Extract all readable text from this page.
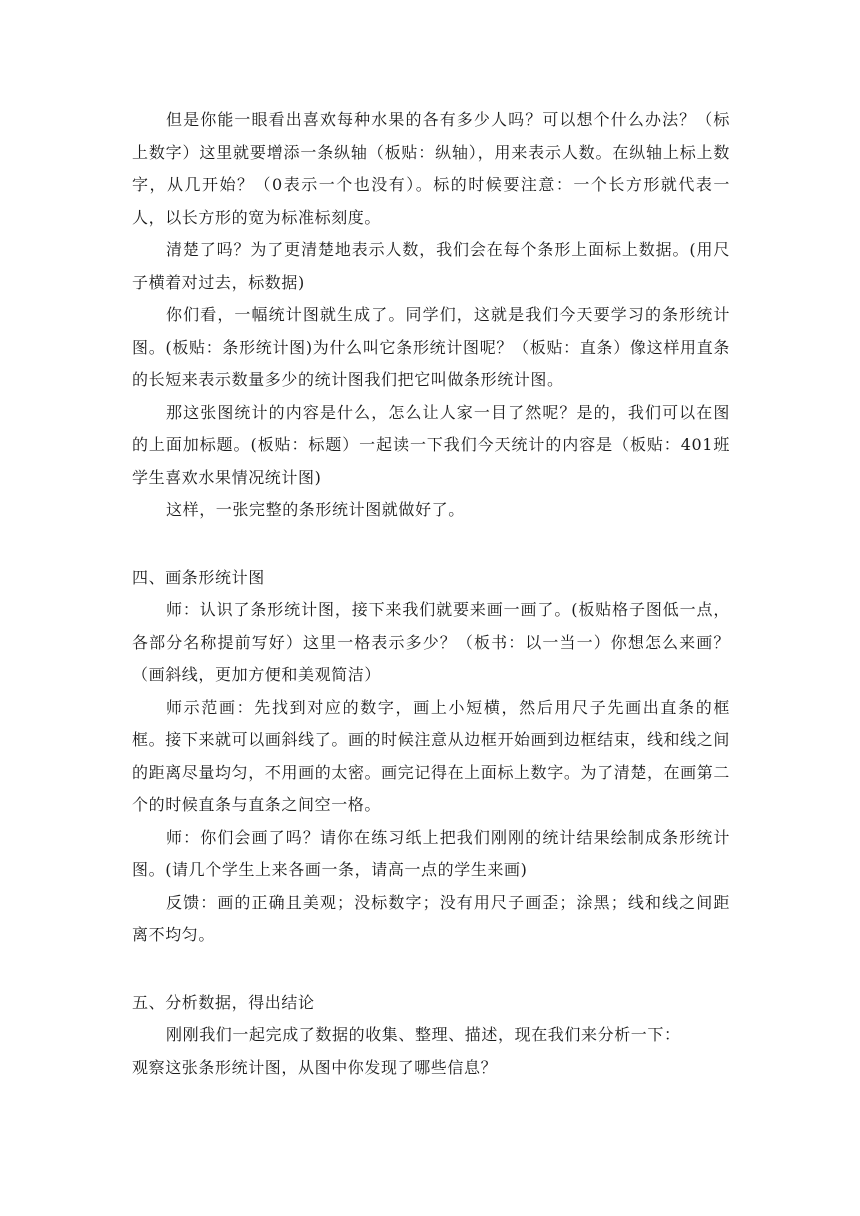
但是你能一眼看出喜欢每种水果的各有多少人吗？可以想个什么办法？（标上数字）这里就要增添一条纵轴（板贴：纵轴），用来表示人数。在纵轴上标上数字，从几开始？（0表示一个也没有）。标的时候要注意：一个长方形就代表一人，以长方形的宽为标准标刻度。

清楚了吗？为了更清楚地表示人数，我们会在每个条形上面标上数据。(用尺子横着对过去，标数据)

你们看，一幅统计图就生成了。同学们，这就是我们今天要学习的条形统计图。(板贴：条形统计图)为什么叫它条形统计图呢？（板贴：直条）像这样用直条的长短来表示数量多少的统计图我们把它叫做条形统计图。

那这张图统计的内容是什么，怎么让人家一目了然呢？是的，我们可以在图的上面加标题。(板贴：标题）一起读一下我们今天统计的内容是（板贴：401班学生喜欢水果情况统计图)

这样，一张完整的条形统计图就做好了。

四、画条形统计图

师：认识了条形统计图，接下来我们就要来画一画了。(板贴格子图低一点，各部分名称提前写好）这里一格表示多少？（板书：以一当一）你想怎么来画？（画斜线，更加方便和美观简洁）

师示范画：先找到对应的数字，画上小短横，然后用尺子先画出直条的框框。接下来就可以画斜线了。画的时候注意从边框开始画到边框结束，线和线之间的距离尽量均匀，不用画的太密。画完记得在上面标上数字。为了清楚，在画第二个的时候直条与直条之间空一格。

师：你们会画了吗？请你在练习纸上把我们刚刚的统计结果绘制成条形统计图。(请几个学生上来各画一条，请高一点的学生来画)

反馈：画的正确且美观；没标数字；没有用尺子画歪；涂黑；线和线之间距离不均匀。

五、分析数据，得出结论

刚刚我们一起完成了数据的收集、整理、描述，现在我们来分析一下：

观察这张条形统计图，从图中你发现了哪些信息？
